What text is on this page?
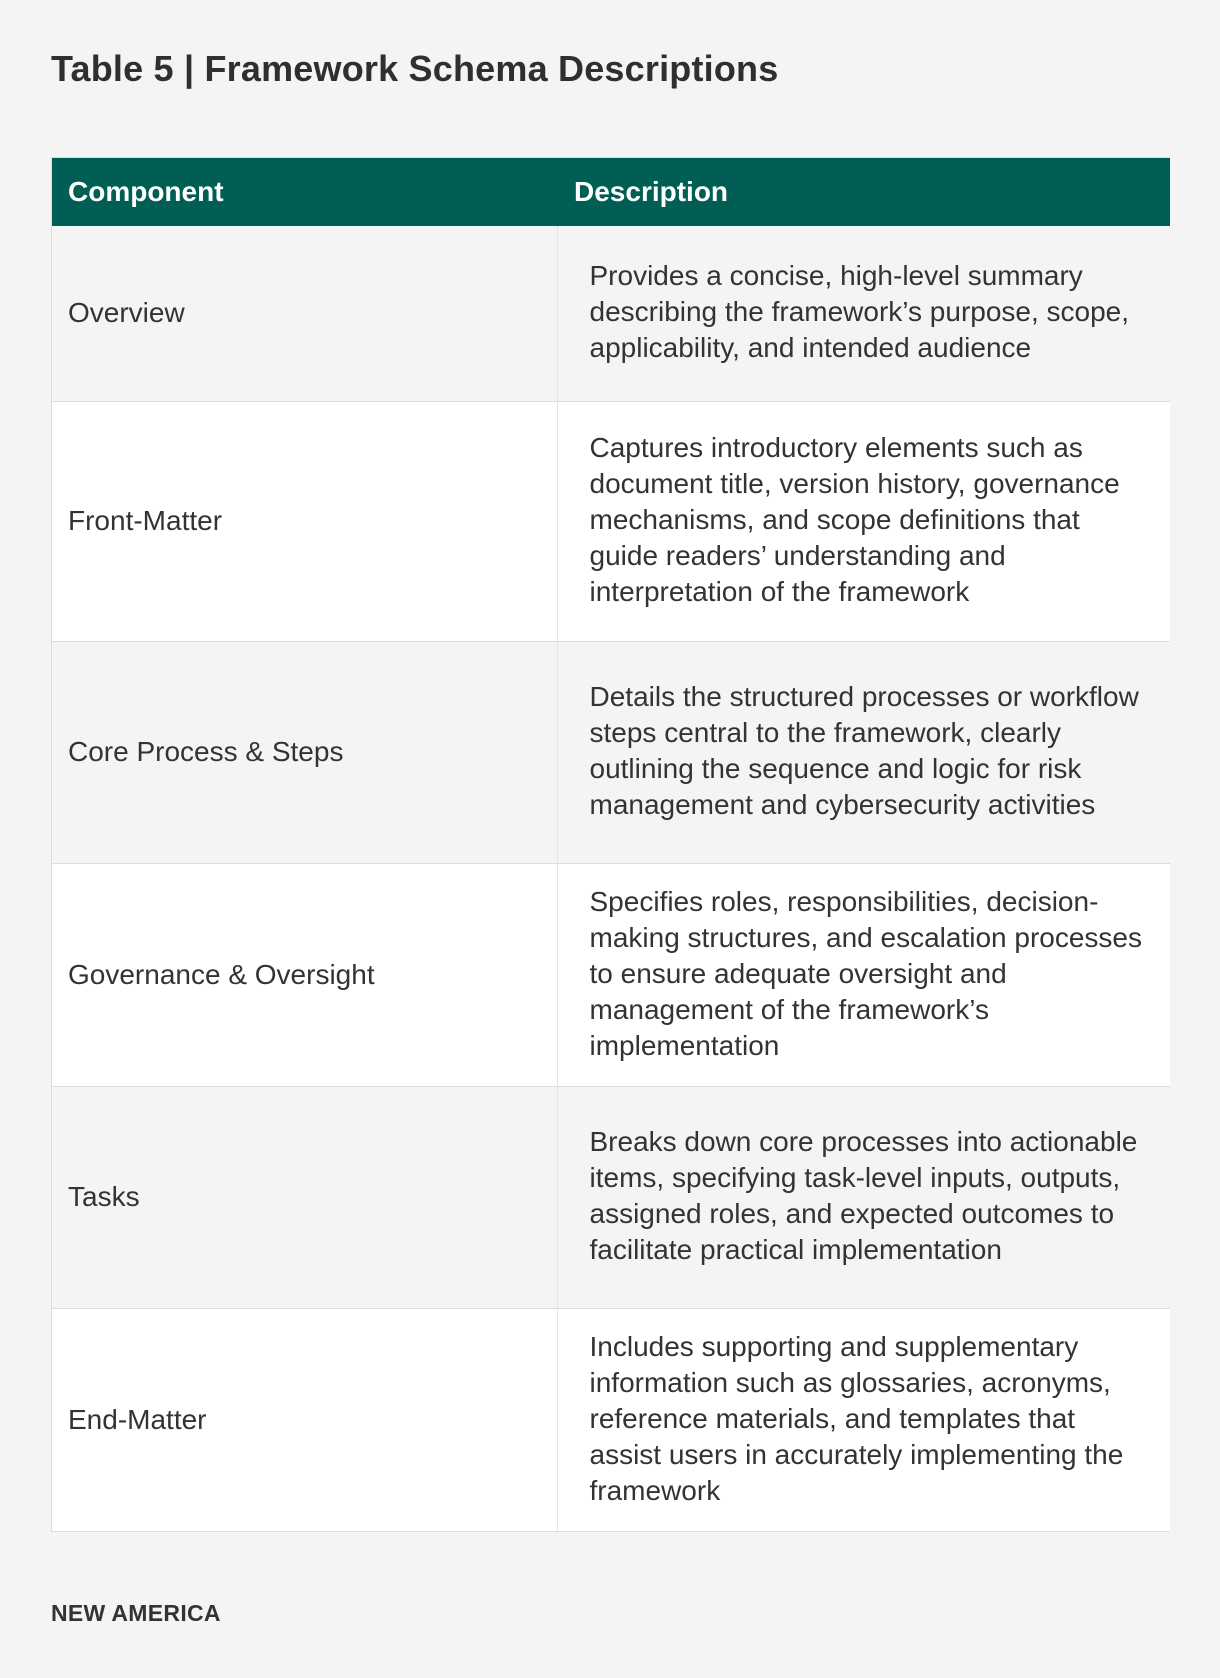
Table 5 | Framework Schema Descriptions
Component	Description
Overview	Provides a concise, high-level summary describing the framework’s purpose, scope, applicability, and intended audience
Front-Matter	Captures introductory elements such as document title, version history, governance mechanisms, and scope definitions that guide readers’ understanding and interpretation of the framework
Core Process & Steps	Details the structured processes or workflow steps central to the framework, clearly outlining the sequence and logic for risk management and cybersecurity activities
Governance & Oversight	Specifies roles, responsibilities, decision-making structures, and escalation processes to ensure adequate oversight and management of the framework’s implementation
Tasks	Breaks down core processes into actionable items, specifying task-level inputs, outputs, assigned roles, and expected outcomes to facilitate practical implementation
End-Matter	Includes supporting and supplementary information such as glossaries, acronyms, reference materials, and templates that assist users in accurately implementing the framework
NEW AMERICA
